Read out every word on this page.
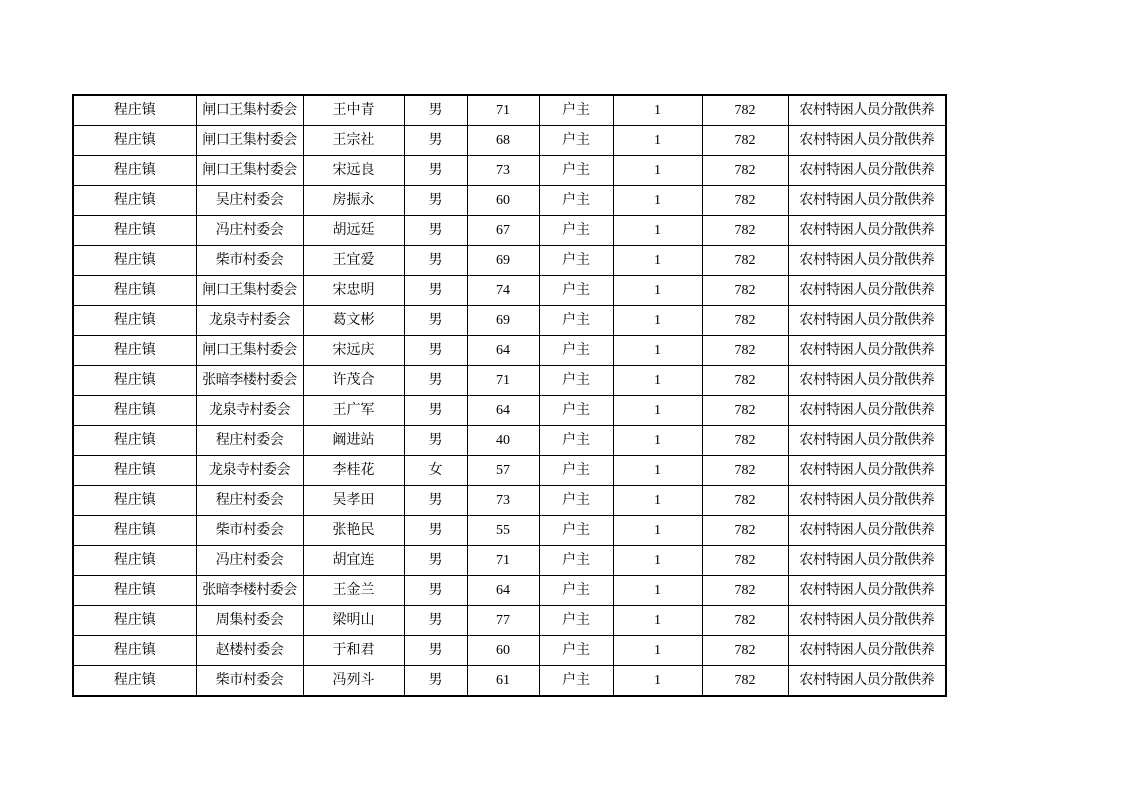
程庄镇	闸口王集村委会	王中青	男	71	户主	1	782	农村特困人员分散供养
程庄镇	闸口王集村委会	王宗社	男	68	户主	1	782	农村特困人员分散供养
程庄镇	闸口王集村委会	宋远良	男	73	户主	1	782	农村特困人员分散供养
程庄镇	吴庄村委会	房振永	男	60	户主	1	782	农村特困人员分散供养
程庄镇	冯庄村委会	胡远廷	男	67	户主	1	782	农村特困人员分散供养
程庄镇	柴市村委会	王宜爱	男	69	户主	1	782	农村特困人员分散供养
程庄镇	闸口王集村委会	宋忠明	男	74	户主	1	782	农村特困人员分散供养
程庄镇	龙泉寺村委会	葛文彬	男	69	户主	1	782	农村特困人员分散供养
程庄镇	闸口王集村委会	宋远庆	男	64	户主	1	782	农村特困人员分散供养
程庄镇	张暗李楼村委会	许茂合	男	71	户主	1	782	农村特困人员分散供养
程庄镇	龙泉寺村委会	王广军	男	64	户主	1	782	农村特困人员分散供养
程庄镇	程庄村委会	阚进站	男	40	户主	1	782	农村特困人员分散供养
程庄镇	龙泉寺村委会	李桂花	女	57	户主	1	782	农村特困人员分散供养
程庄镇	程庄村委会	吴孝田	男	73	户主	1	782	农村特困人员分散供养
程庄镇	柴市村委会	张艳民	男	55	户主	1	782	农村特困人员分散供养
程庄镇	冯庄村委会	胡宜连	男	71	户主	1	782	农村特困人员分散供养
程庄镇	张暗李楼村委会	王金兰	男	64	户主	1	782	农村特困人员分散供养
程庄镇	周集村委会	梁明山	男	77	户主	1	782	农村特困人员分散供养
程庄镇	赵楼村委会	于和君	男	60	户主	1	782	农村特困人员分散供养
程庄镇	柴市村委会	冯列斗	男	61	户主	1	782	农村特困人员分散供养
